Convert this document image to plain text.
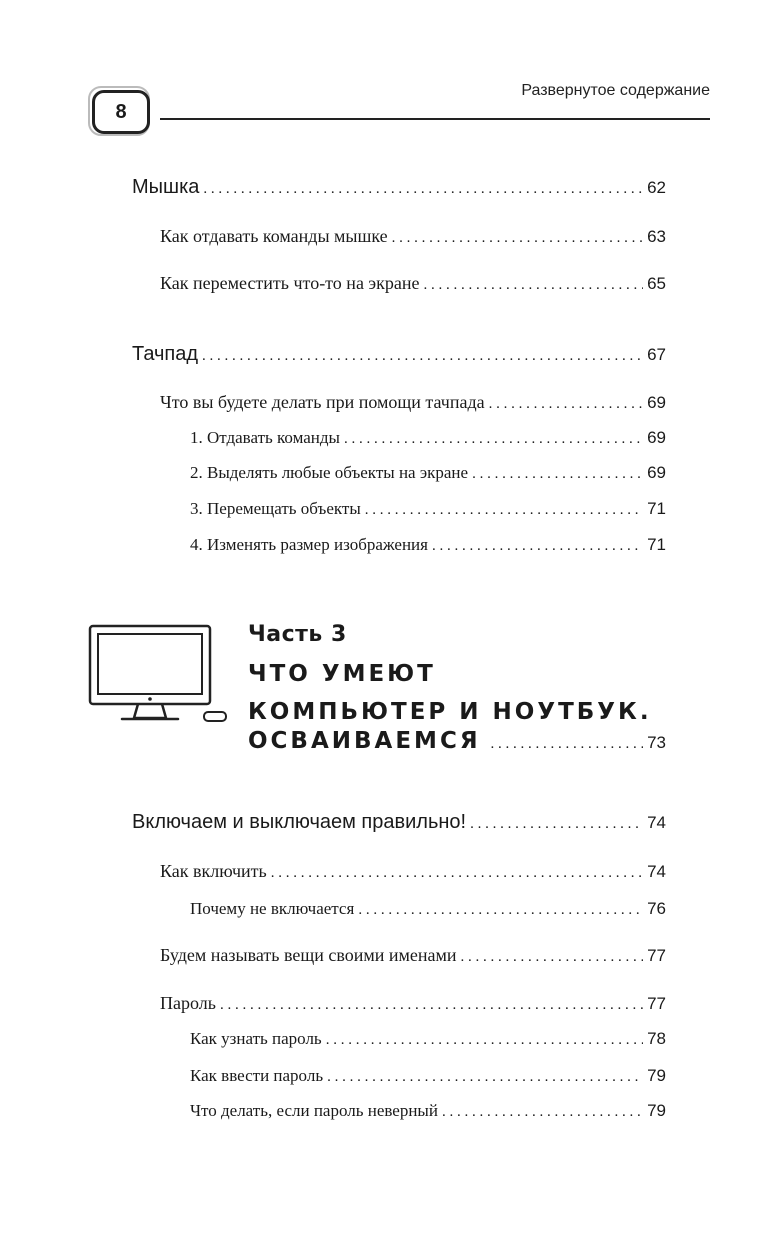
8
Развернутое содержание
Мышка . . .	62
Как отдавать команды мышке . . .	63
Как переместить что-то на экране . . .	65
Тачпад . . .	67
Что вы будете делать при помощи тачпада . . .	69
1. Отдавать команды . . .	69
2. Выделять любые объекты на экране . . .	69
3. Перемещать объекты . . .	71
4. Изменять размер изображения . . .	71
Часть 3
ЧТО УМЕЮТ
КОМПЬЮТЕР И НОУТБУК.
ОСВАИВАЕМСЯ . . .	73
Включаем и выключаем правильно! . . .	74
Как включить . . .	74
Почему не включается . . .	76
Будем называть вещи своими именами . . .	77
Пароль . . .	77
Как узнать пароль . . .	78
Как ввести пароль . . .	79
Что делать, если пароль неверный . . .	79
